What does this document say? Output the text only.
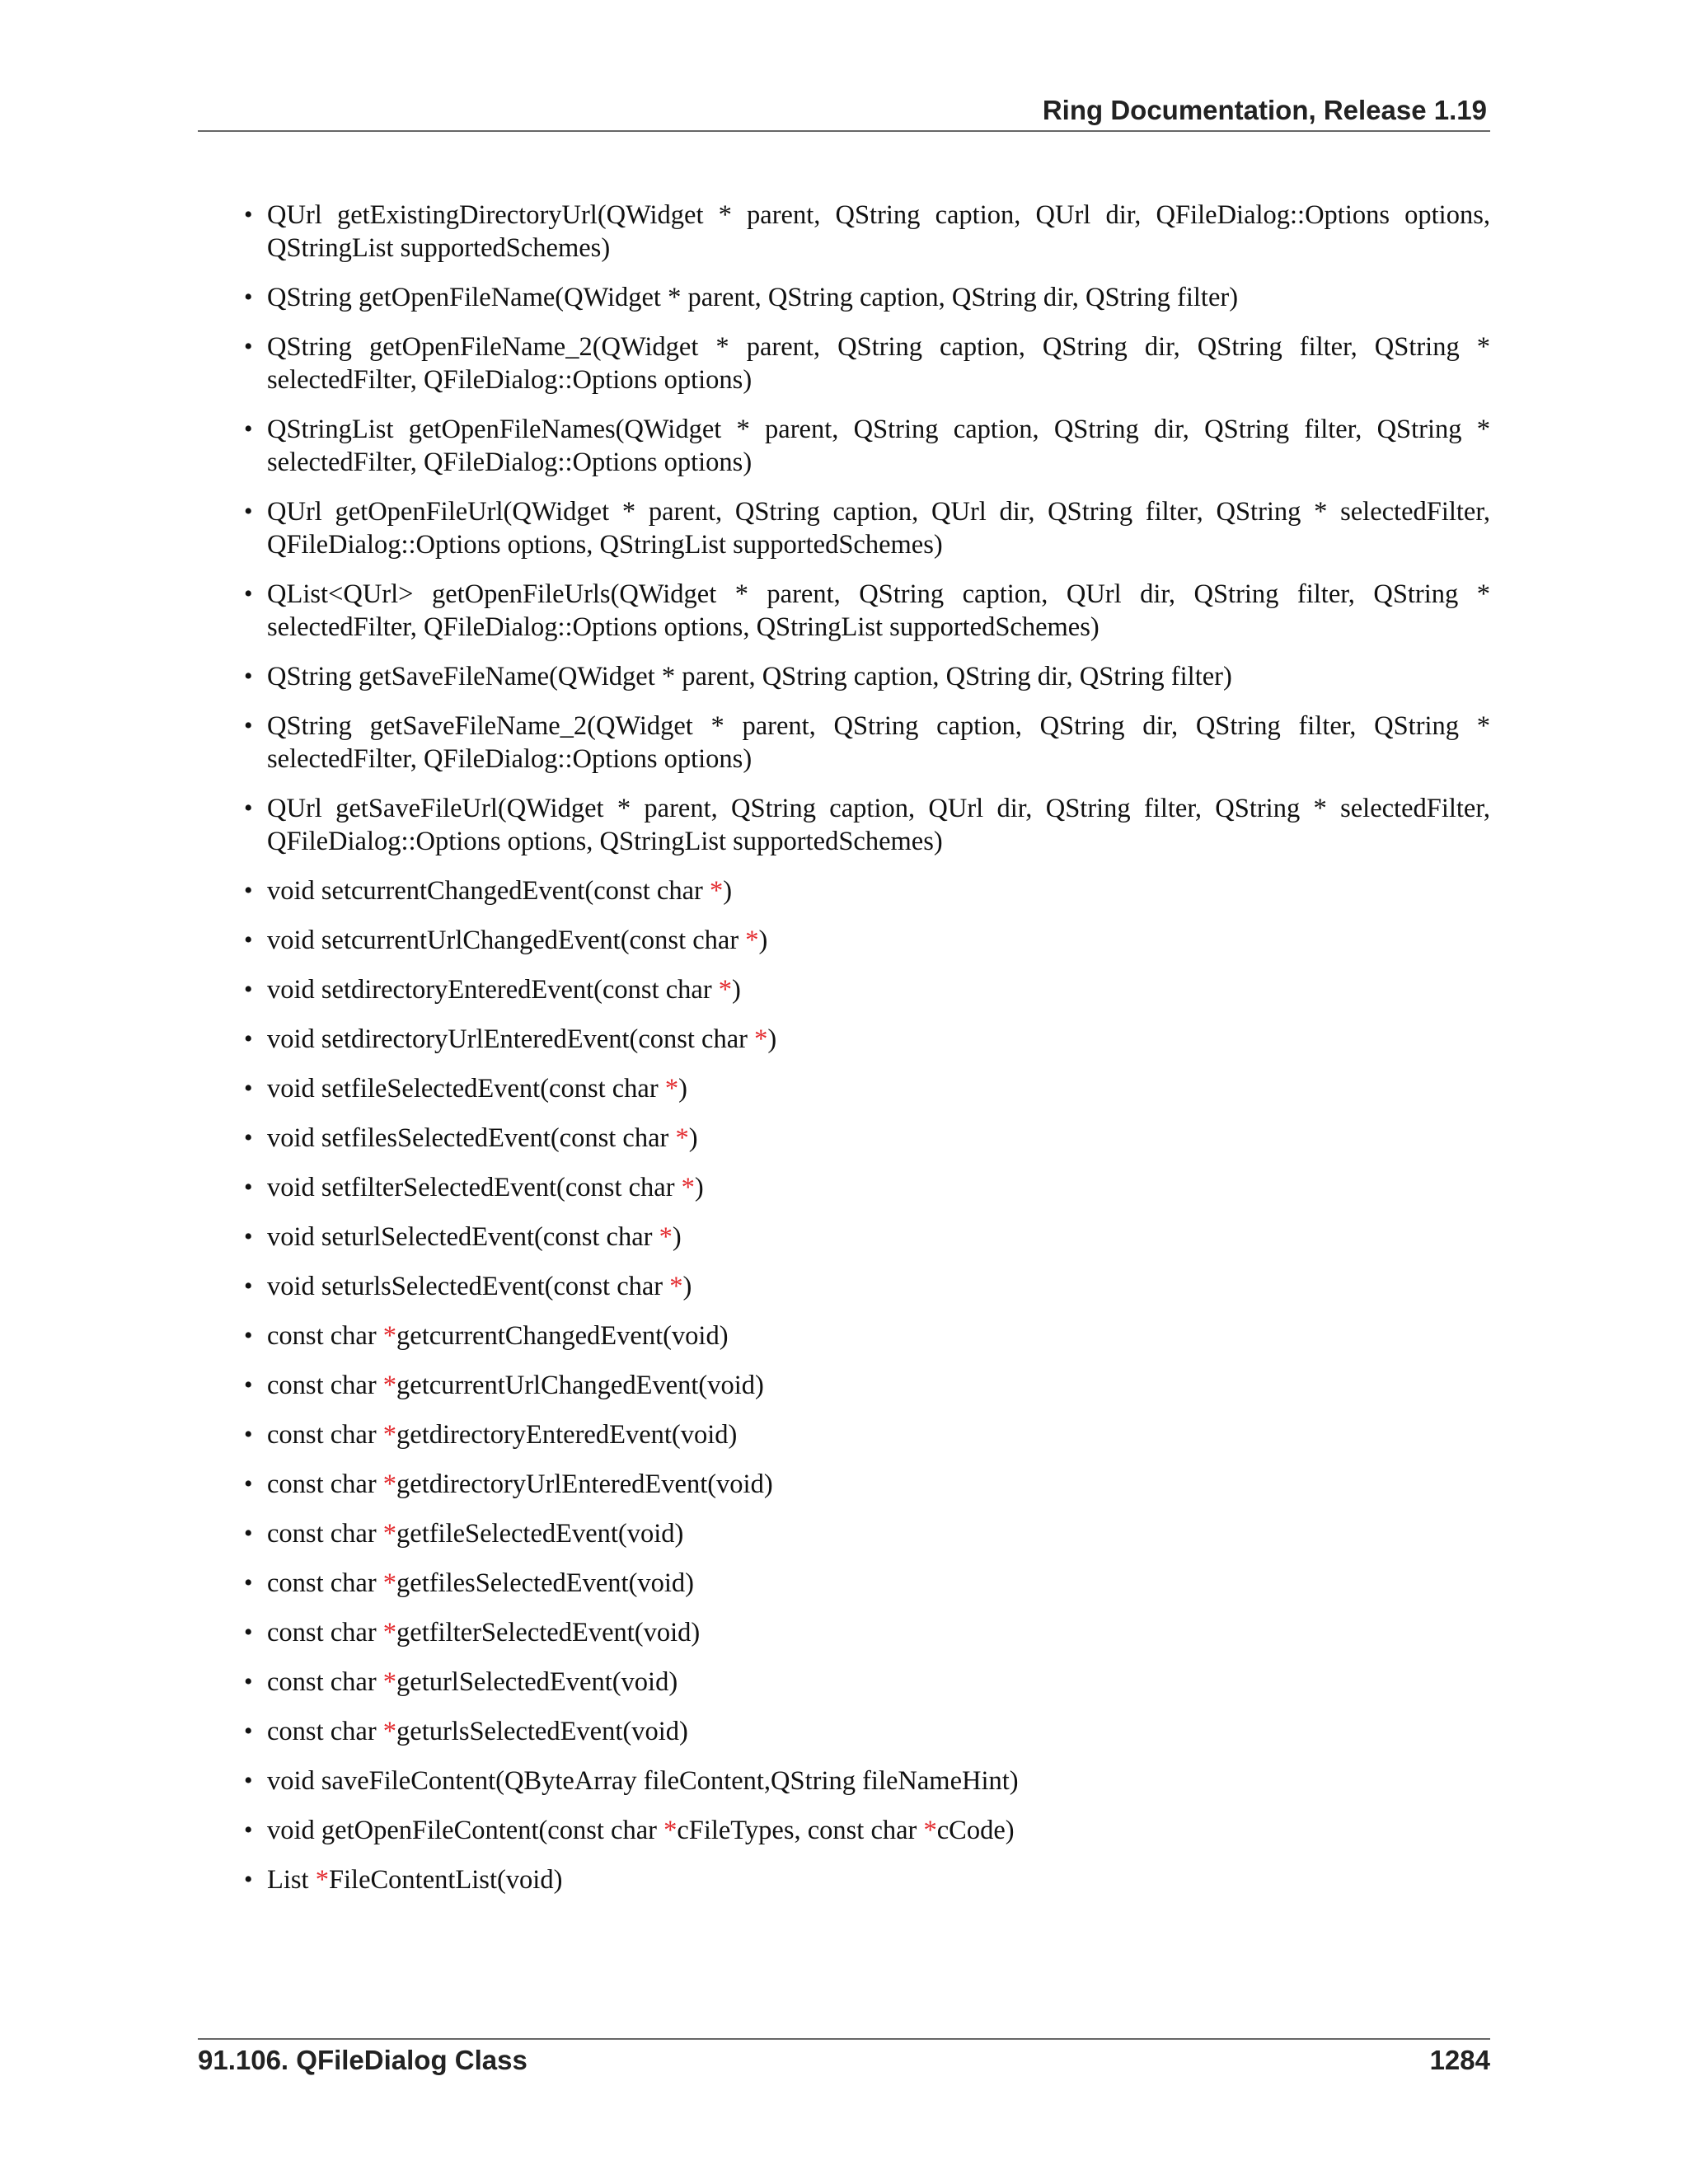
Ring Documentation, Release 1.19
• QUrl getExistingDirectoryUrl(QWidget * parent, QString caption, QUrl dir, QFileDialog::Options options, QStringList supportedSchemes)
• QString getOpenFileName(QWidget * parent, QString caption, QString dir, QString filter)
• QString getOpenFileName_2(QWidget * parent, QString caption, QString dir, QString filter, QString * selectedFilter, QFileDialog::Options options)
• QStringList getOpenFileNames(QWidget * parent, QString caption, QString dir, QString filter, QString * selectedFilter, QFileDialog::Options options)
• QUrl getOpenFileUrl(QWidget * parent, QString caption, QUrl dir, QString filter, QString * selectedFilter, QFileDialog::Options options, QStringList supportedSchemes)
• QList<QUrl> getOpenFileUrls(QWidget * parent, QString caption, QUrl dir, QString filter, QString * selectedFilter, QFileDialog::Options options, QStringList supportedSchemes)
• QString getSaveFileName(QWidget * parent, QString caption, QString dir, QString filter)
• QString getSaveFileName_2(QWidget * parent, QString caption, QString dir, QString filter, QString * selectedFilter, QFileDialog::Options options)
• QUrl getSaveFileUrl(QWidget * parent, QString caption, QUrl dir, QString filter, QString * selectedFilter, QFileDialog::Options options, QStringList supportedSchemes)
• void setcurrentChangedEvent(const char *)
• void setcurrentUrlChangedEvent(const char *)
• void setdirectoryEnteredEvent(const char *)
• void setdirectoryUrlEnteredEvent(const char *)
• void setfileSelectedEvent(const char *)
• void setfilesSelectedEvent(const char *)
• void setfilterSelectedEvent(const char *)
• void seturlSelectedEvent(const char *)
• void seturlsSelectedEvent(const char *)
• const char *getcurrentChangedEvent(void)
• const char *getcurrentUrlChangedEvent(void)
• const char *getdirectoryEnteredEvent(void)
• const char *getdirectoryUrlEnteredEvent(void)
• const char *getfileSelectedEvent(void)
• const char *getfilesSelectedEvent(void)
• const char *getfilterSelectedEvent(void)
• const char *geturlSelectedEvent(void)
• const char *geturlsSelectedEvent(void)
• void saveFileContent(QByteArray fileContent,QString fileNameHint)
• void getOpenFileContent(const char *cFileTypes, const char *cCode)
• List *FileContentList(void)
91.106. QFileDialog Class	1284
